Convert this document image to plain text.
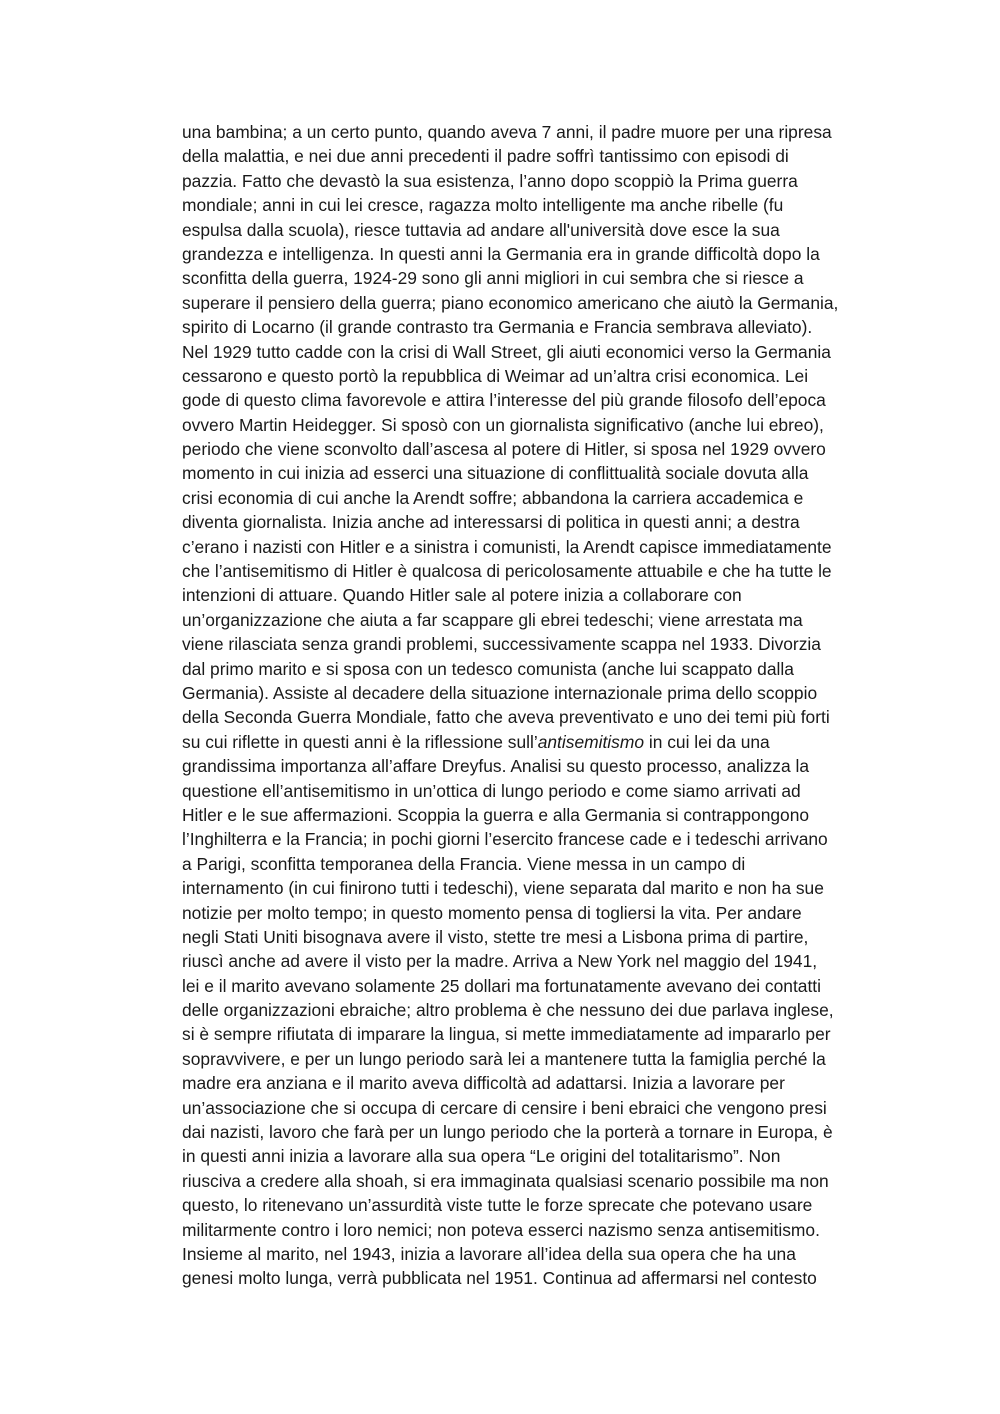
una bambina; a un certo punto, quando aveva 7 anni, il padre muore per una ripresa
della malattia, e nei due anni precedenti il padre soffrì tantissimo con episodi di
pazzia. Fatto che devastò la sua esistenza, l’anno dopo scoppiò la Prima guerra
mondiale; anni in cui lei cresce, ragazza molto intelligente ma anche ribelle (fu
espulsa dalla scuola), riesce tuttavia ad andare all'università dove esce la sua
grandezza e intelligenza. In questi anni la Germania era in grande difficoltà dopo la
sconfitta della guerra, 1924-29 sono gli anni migliori in cui sembra che si riesce a
superare il pensiero della guerra; piano economico americano che aiutò la Germania,
spirito di Locarno (il grande contrasto tra Germania e Francia sembrava alleviato).
Nel 1929 tutto cadde con la crisi di Wall Street, gli aiuti economici verso la Germania
cessarono e questo portò la repubblica di Weimar ad un’altra crisi economica. Lei
gode di questo clima favorevole e attira l’interesse del più grande filosofo dell’epoca
ovvero Martin Heidegger. Si sposò con un giornalista significativo (anche lui ebreo),
periodo che viene sconvolto dall’ascesa al potere di Hitler, si sposa nel 1929 ovvero
momento in cui inizia ad esserci una situazione di conflittualità sociale dovuta alla
crisi economia di cui anche la Arendt soffre; abbandona la carriera accademica e
diventa giornalista. Inizia anche ad interessarsi di politica in questi anni; a destra
c’erano i nazisti con Hitler e a sinistra i comunisti, la Arendt capisce immediatamente
che l’antisemitismo di Hitler è qualcosa di pericolosamente attuabile e che ha tutte le
intenzioni di attuare. Quando Hitler sale al potere inizia a collaborare con
un’organizzazione che aiuta a far scappare gli ebrei tedeschi; viene arrestata ma
viene rilasciata senza grandi problemi, successivamente scappa nel 1933. Divorzia
dal primo marito e si sposa con un tedesco comunista (anche lui scappato dalla
Germania). Assiste al decadere della situazione internazionale prima dello scoppio
della Seconda Guerra Mondiale, fatto che aveva preventivato e uno dei temi più forti
su cui riflette in questi anni è la riflessione sull’antisemitismo in cui lei da una
grandissima importanza all’affare Dreyfus. Analisi su questo processo, analizza la
questione ell’antisemitismo in un’ottica di lungo periodo e come siamo arrivati ad
Hitler e le sue affermazioni. Scoppia la guerra e alla Germania si contrappongono
l’Inghilterra e la Francia; in pochi giorni l’esercito francese cade e i tedeschi arrivano
a Parigi, sconfitta temporanea della Francia. Viene messa in un campo di
internamento (in cui finirono tutti i tedeschi), viene separata dal marito e non ha sue
notizie per molto tempo; in questo momento pensa di togliersi la vita. Per andare
negli Stati Uniti bisognava avere il visto, stette tre mesi a Lisbona prima di partire,
riuscì anche ad avere il visto per la madre. Arriva a New York nel maggio del 1941,
lei e il marito avevano solamente 25 dollari ma fortunatamente avevano dei contatti
delle organizzazioni ebraiche; altro problema è che nessuno dei due parlava inglese,
si è sempre rifiutata di imparare la lingua, si mette immediatamente ad impararlo per
sopravvivere, e per un lungo periodo sarà lei a mantenere tutta la famiglia perché la
madre era anziana e il marito aveva difficoltà ad adattarsi. Inizia a lavorare per
un’associazione che si occupa di cercare di censire i beni ebraici che vengono presi
dai nazisti, lavoro che farà per un lungo periodo che la porterà a tornare in Europa, è
in questi anni inizia a lavorare alla sua opera “Le origini del totalitarismo”. Non
riusciva a credere alla shoah, si era immaginata qualsiasi scenario possibile ma non
questo, lo ritenevano un’assurdità viste tutte le forze sprecate che potevano usare
militarmente contro i loro nemici; non poteva esserci nazismo senza antisemitismo.
Insieme al marito, nel 1943, inizia a lavorare all’idea della sua opera che ha una
genesi molto lunga, verrà pubblicata nel 1951. Continua ad affermarsi nel contesto
